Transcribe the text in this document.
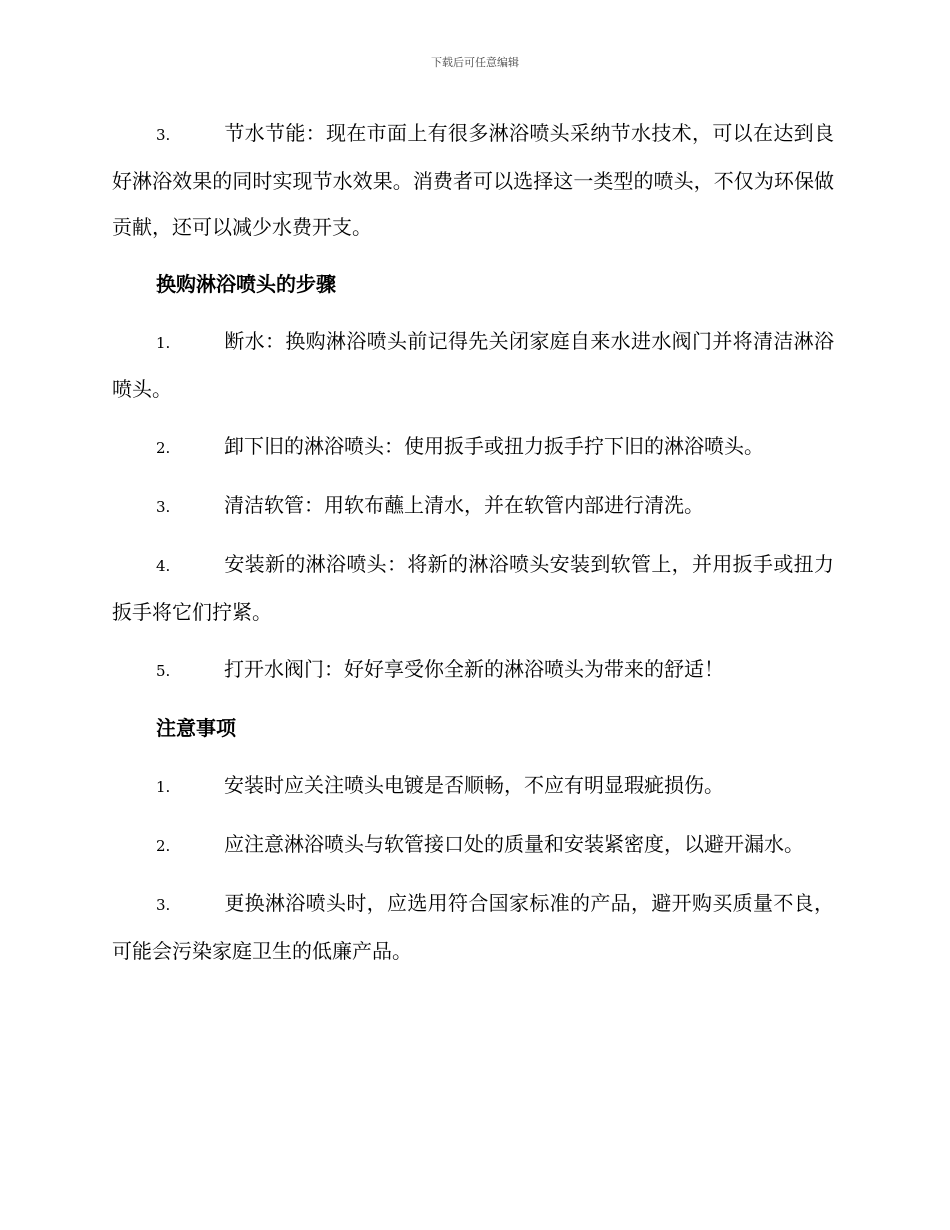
下载后可任意编辑

3.	节水节能：现在市面上有很多淋浴喷头采纳节水技术，可以在达到良好淋浴效果的同时实现节水效果。消费者可以选择这一类型的喷头，不仅为环保做贡献，还可以减少水费开支。

换购淋浴喷头的步骤

1.	断水：换购淋浴喷头前记得先关闭家庭自来水进水阀门并将清洁淋浴喷头。

2.	卸下旧的淋浴喷头：使用扳手或扭力扳手拧下旧的淋浴喷头。

3.	清洁软管：用软布蘸上清水，并在软管内部进行清洗。

4.	安装新的淋浴喷头：将新的淋浴喷头安装到软管上，并用扳手或扭力扳手将它们拧紧。

5.	打开水阀门：好好享受你全新的淋浴喷头为带来的舒适！

注意事项

1.	安装时应关注喷头电镀是否顺畅，不应有明显瑕疵损伤。

2.	应注意淋浴喷头与软管接口处的质量和安装紧密度，以避开漏水。

3.	更换淋浴喷头时，应选用符合国家标准的产品，避开购买质量不良，可能会污染家庭卫生的低廉产品。
